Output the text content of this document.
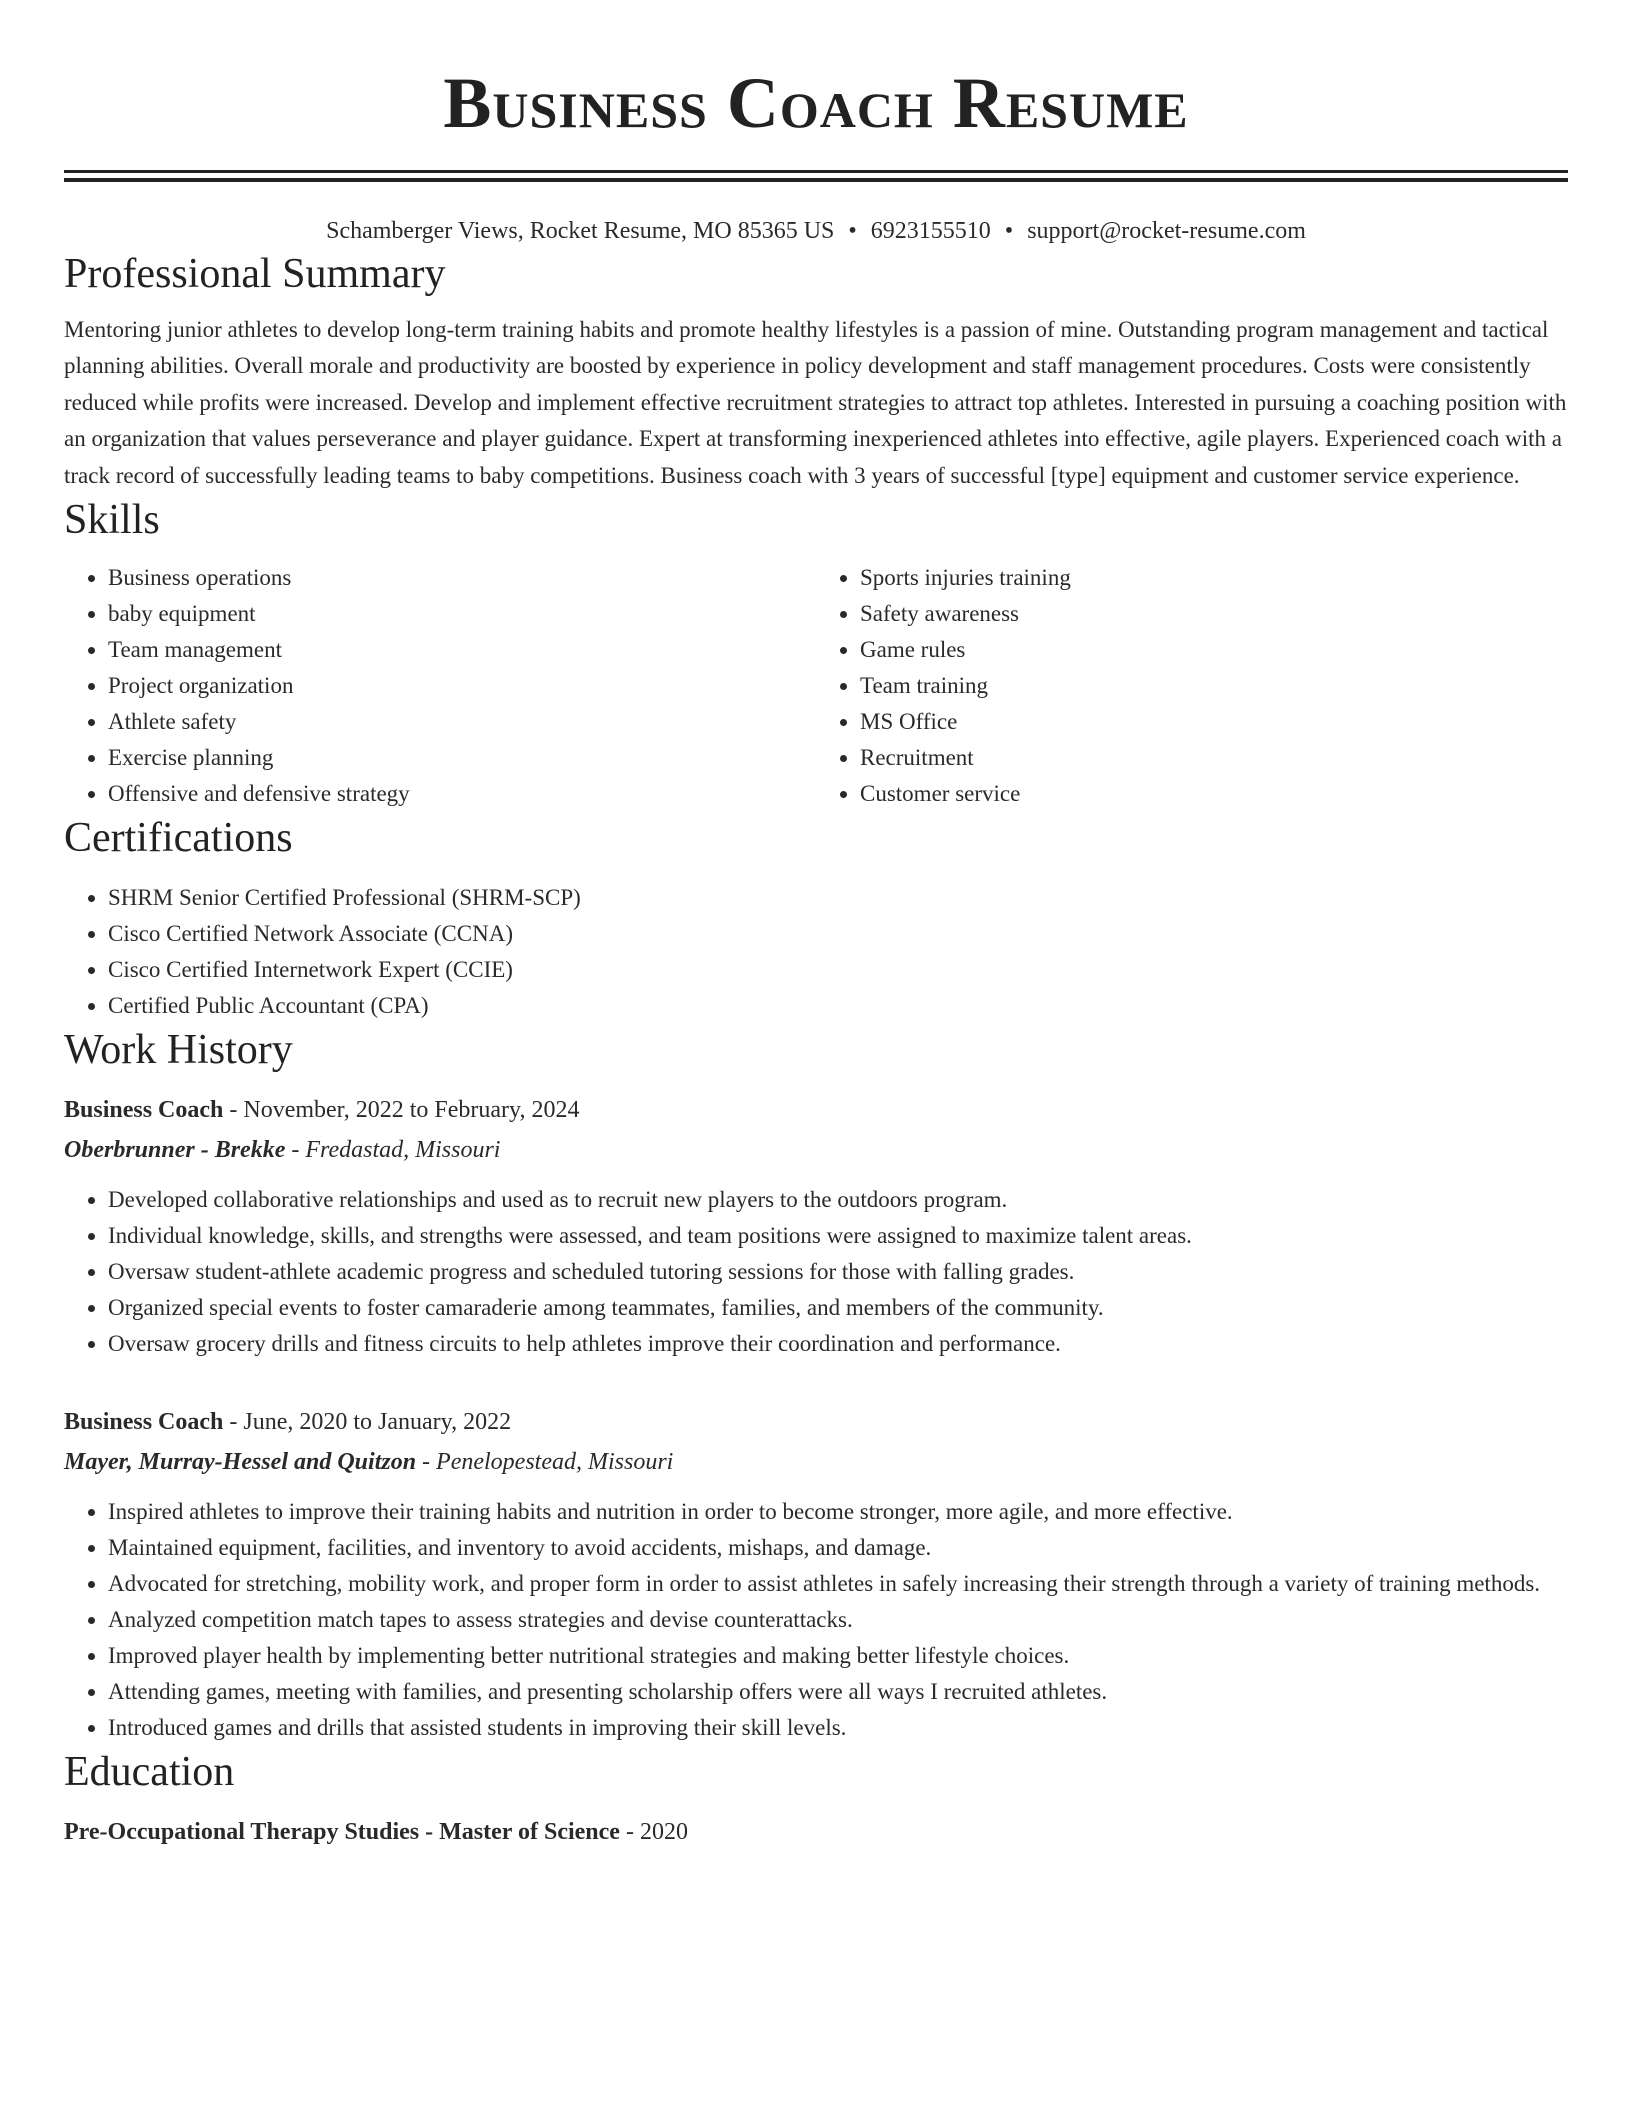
Business Coach Resume
Schamberger Views, Rocket Resume, MO 85365 US • 6923155510 • support@rocket-resume.com
Professional Summary

Mentoring junior athletes to develop long-term training habits and promote healthy lifestyles is a passion of mine. Outstanding program management and tactical planning abilities. Overall morale and productivity are boosted by experience in policy development and staff management procedures. Costs were consistently reduced while profits were increased. Develop and implement effective recruitment strategies to attract top athletes. Interested in pursuing a coaching position with an organization that values perseverance and player guidance. Expert at transforming inexperienced athletes into effective, agile players. Experienced coach with a track record of successfully leading teams to baby competitions. Business coach with 3 years of successful [type] equipment and customer service experience.

Skills
• Business operations
• baby equipment
• Team management
• Project organization
• Athlete safety
• Exercise planning
• Offensive and defensive strategy
• Sports injuries training
• Safety awareness
• Game rules
• Team training
• MS Office
• Recruitment
• Customer service
Certifications
• SHRM Senior Certified Professional (SHRM-SCP)
• Cisco Certified Network Associate (CCNA)
• Cisco Certified Internetwork Expert (CCIE)
• Certified Public Accountant (CPA)
Work History
Business Coach - November, 2022 to February, 2024
Oberbrunner - Brekke - Fredastad, Missouri
• Developed collaborative relationships and used as to recruit new players to the outdoors program.
• Individual knowledge, skills, and strengths were assessed, and team positions were assigned to maximize talent areas.
• Oversaw student-athlete academic progress and scheduled tutoring sessions for those with falling grades.
• Organized special events to foster camaraderie among teammates, families, and members of the community.
• Oversaw grocery drills and fitness circuits to help athletes improve their coordination and performance.
Business Coach - June, 2020 to January, 2022
Mayer, Murray-Hessel and Quitzon - Penelopestead, Missouri
• Inspired athletes to improve their training habits and nutrition in order to become stronger, more agile, and more effective.
• Maintained equipment, facilities, and inventory to avoid accidents, mishaps, and damage.
• Advocated for stretching, mobility work, and proper form in order to assist athletes in safely increasing their strength through a variety of training methods.
• Analyzed competition match tapes to assess strategies and devise counterattacks.
• Improved player health by implementing better nutritional strategies and making better lifestyle choices.
• Attending games, meeting with families, and presenting scholarship offers were all ways I recruited athletes.
• Introduced games and drills that assisted students in improving their skill levels.
Education
Pre-Occupational Therapy Studies - Master of Science - 2020
